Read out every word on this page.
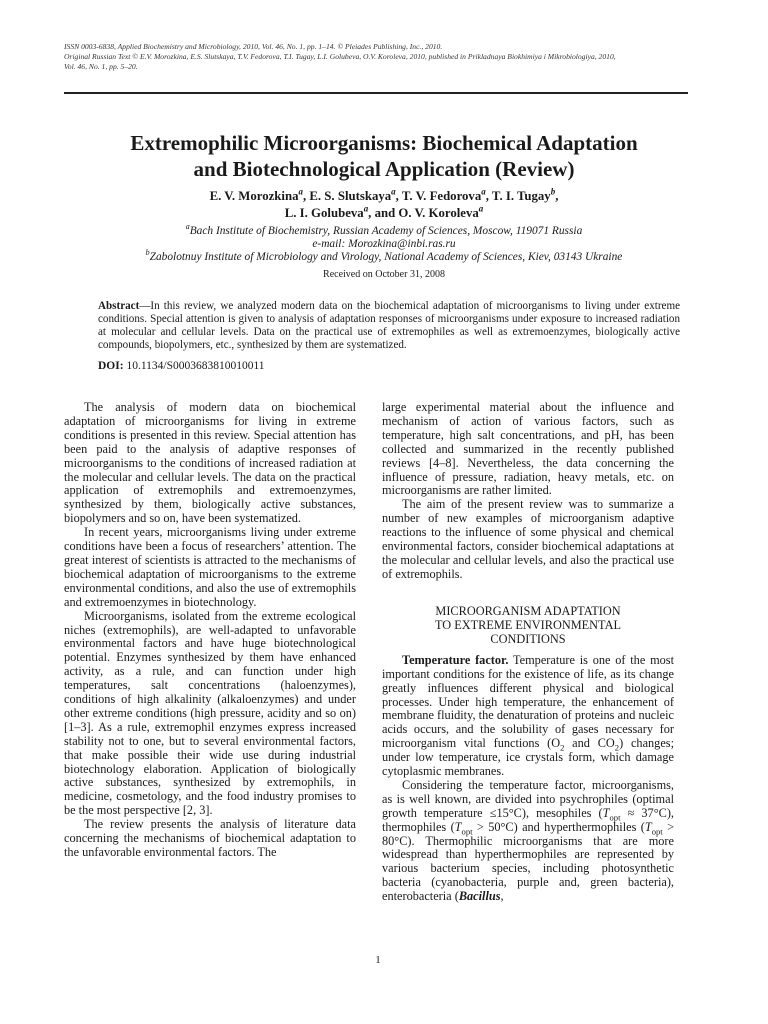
ISSN 0003-6838, Applied Biochemistry and Microbiology, 2010, Vol. 46, No. 1, pp. 1–14. © Pleiades Publishing, Inc., 2010.
Original Russian Text © E.V. Morozkina, E.S. Slutskaya, T.V. Fedorova, T.I. Tugay, L.I. Golubeva, O.V. Koroleva, 2010, published in Prikladnaya Biokhimiya i Mikrobiologiya, 2010,
Vol. 46, No. 1, pp. 5–20.
Extremophilic Microorganisms: Biochemical Adaptation
and Biotechnological Application (Review)
E. V. Morozkina$^a$, E. S. Slutskaya$^a$, T. V. Fedorova$^a$, T. I. Tugay$^b$,
L. I. Golubeva$^a$, and O. V. Koroleva$^a$
$^a$Bach Institute of Biochemistry, Russian Academy of Sciences, Moscow, 119071 Russia
e-mail: Morozkina@inbi.ras.ru
$^b$Zabolotnuy Institute of Microbiology and Virology, National Academy of Sciences, Kiev, 03143 Ukraine
Received on October 31, 2008
Abstract—In this review, we analyzed modern data on the biochemical adaptation of microorganisms to living under extreme conditions. Special attention is given to analysis of adaptation responses of microorganisms under exposure to increased radiation at molecular and cellular levels. Data on the practical use of extremophiles as well as extremoenzymes, biologically active compounds, biopolymers, etc., synthesized by them are systematized.
DOI: 10.1134/S0003683810010011

The analysis of modern data on biochemical adaptation of microorganisms for living in extreme conditions is presented in this review. Special attention has been paid to the analysis of adaptive responses of microorganisms to the conditions of increased radiation at the molecular and cellular levels. The data on the practical application of extremophils and extremoenzymes, synthesized by them, biologically active substances, biopolymers and so on, have been systematized.

In recent years, microorganisms living under extreme conditions have been a focus of researchers’ attention. The great interest of scientists is attracted to the mechanisms of biochemical adaptation of microorganisms to the extreme environmental conditions, and also the use of extremophils and extremoenzymes in biotechnology.

Microorganisms, isolated from the extreme ecological niches (extremophils), are well-adapted to unfavorable environmental factors and have huge biotechnological potential. Enzymes synthesized by them have enhanced activity, as a rule, and can function under high temperatures, salt concentrations (haloenzymes), conditions of high alkalinity (alkaloenzymes) and under other extreme conditions (high pressure, acidity and so on) [1–3]. As a rule, extremophil enzymes express increased stability not to one, but to several environmental factors, that make possible their wide use during industrial biotechnology elaboration. Application of biologically active substances, synthesized by extremophils, in medicine, cosmetology, and the food industry promises to be the most perspective [2, 3].

The review presents the analysis of literature data concerning the mechanisms of biochemical adaptation to the unfavorable environmental factors. The

large experimental material about the influence and mechanism of action of various factors, such as temperature, high salt concentrations, and pH, has been collected and summarized in the recently published reviews [4–8]. Nevertheless, the data concerning the influence of pressure, radiation, heavy metals, etc. on microorganisms are rather limited.

The aim of the present review was to summarize a number of new examples of microorganism adaptive reactions to the influence of some physical and chemical environmental factors, consider biochemical adaptations at the molecular and cellular levels, and also the practical use of extremophils.

MICROORGANISM ADAPTATION
TO EXTREME ENVIRONMENTAL
CONDITIONS

Temperature factor. Temperature is one of the most important conditions for the existence of life, as its change greatly influences different physical and biological processes. Under high temperature, the enhancement of membrane fluidity, the denaturation of proteins and nucleic acids occurs, and the solubility of gases necessary for microorganism vital functions ($O_2$ and $CO_2$) changes; under low temperature, ice crystals form, which damage cytoplasmic membranes.

Considering the temperature factor, microorganisms, as is well known, are divided into psychrophiles (optimal growth temperature ≤15°C), mesophiles $(T_{opt} \approx 37^\circ C)$, thermophiles $(T_{opt} > 50^\circ C)$ and hyperthermophiles $(T_{opt} > 80^\circ C)$. Thermophilic microorganisms that are more widespread than hyperthermophiles are represented by various bacterium species, including photosynthetic bacteria (cyanobacteria, purple and, green bacteria), enterobacteria (Bacillus,

1
